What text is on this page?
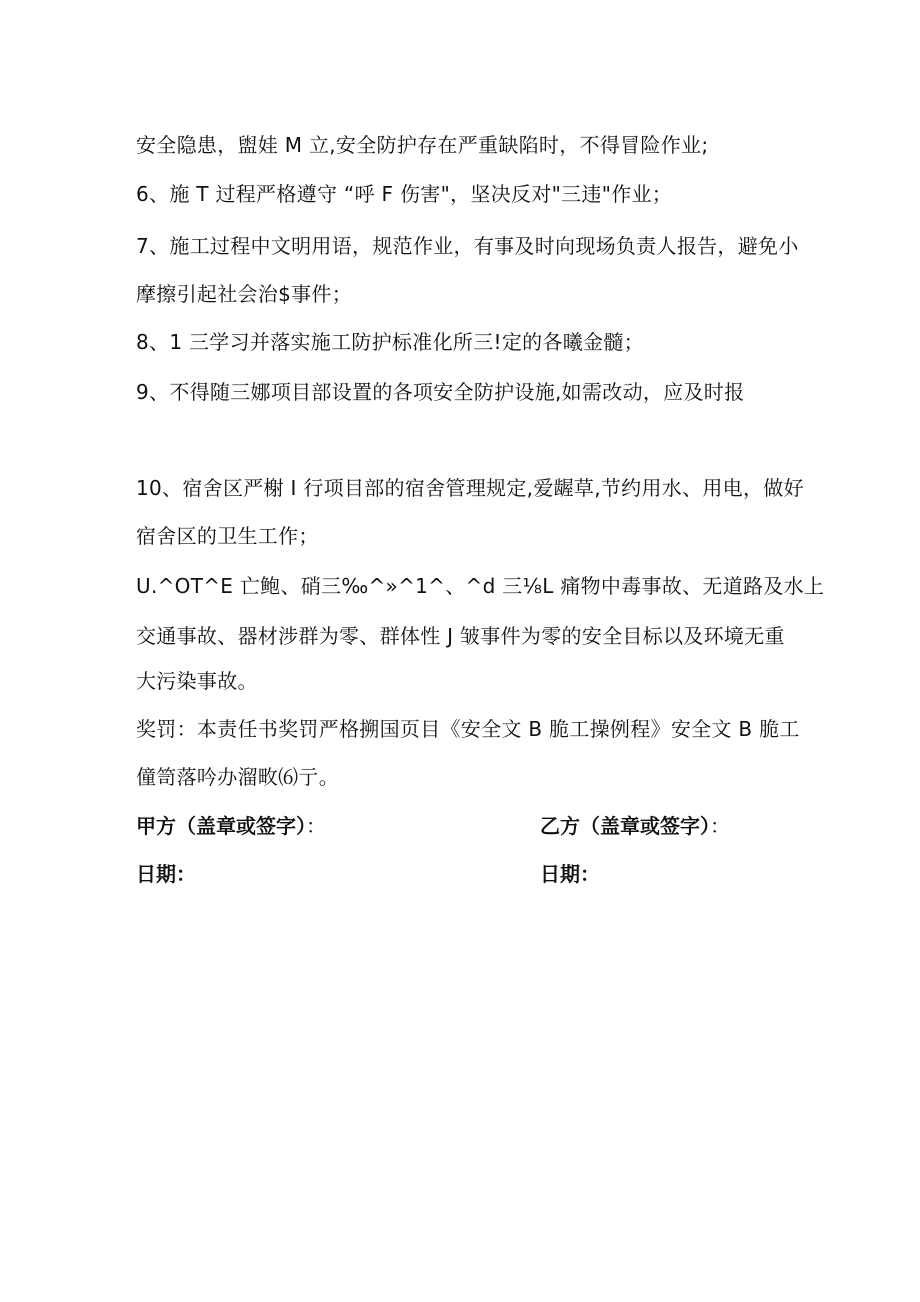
安全隐患，盥娃 M 立,安全防护存在严重缺陷时，不得冒险作业;
6、施 T 过程严格遵守 “呼 F 伤害"，坚决反对"三违"作业；
7、施工过程中文明用语，规范作业，有事及时向现场负责人报告，避免小
摩擦引起社会治$事件；
8、1 三学习并落实施工防护标准化所三!定的各曦金髓；
9、不得随三娜项目部设置的各项安全防护设施,如需改动，应及时报
10、宿舍区严榭 I 行项目部的宿舍管理规定,爱龌草,节约用水、用电，做好
宿舍区的卫生工作；
U.^OT^E 亡鲍、硝三‰^»^1^、^d 三⅛L 痛物中毒事故、无道路及水上
交通事故、器材涉群为零、群体性 J 皱事件为零的安全目标以及环境无重
大污染事故。
奖罚：本责任书奖罚严格搠国页目《安全文 B 脆工操例程》安全文 B 脆工
僮笥落吟办溜畋⑹亍。
甲方（盖章或签字）：	乙方（盖章或签字）：
日期：	日期：
